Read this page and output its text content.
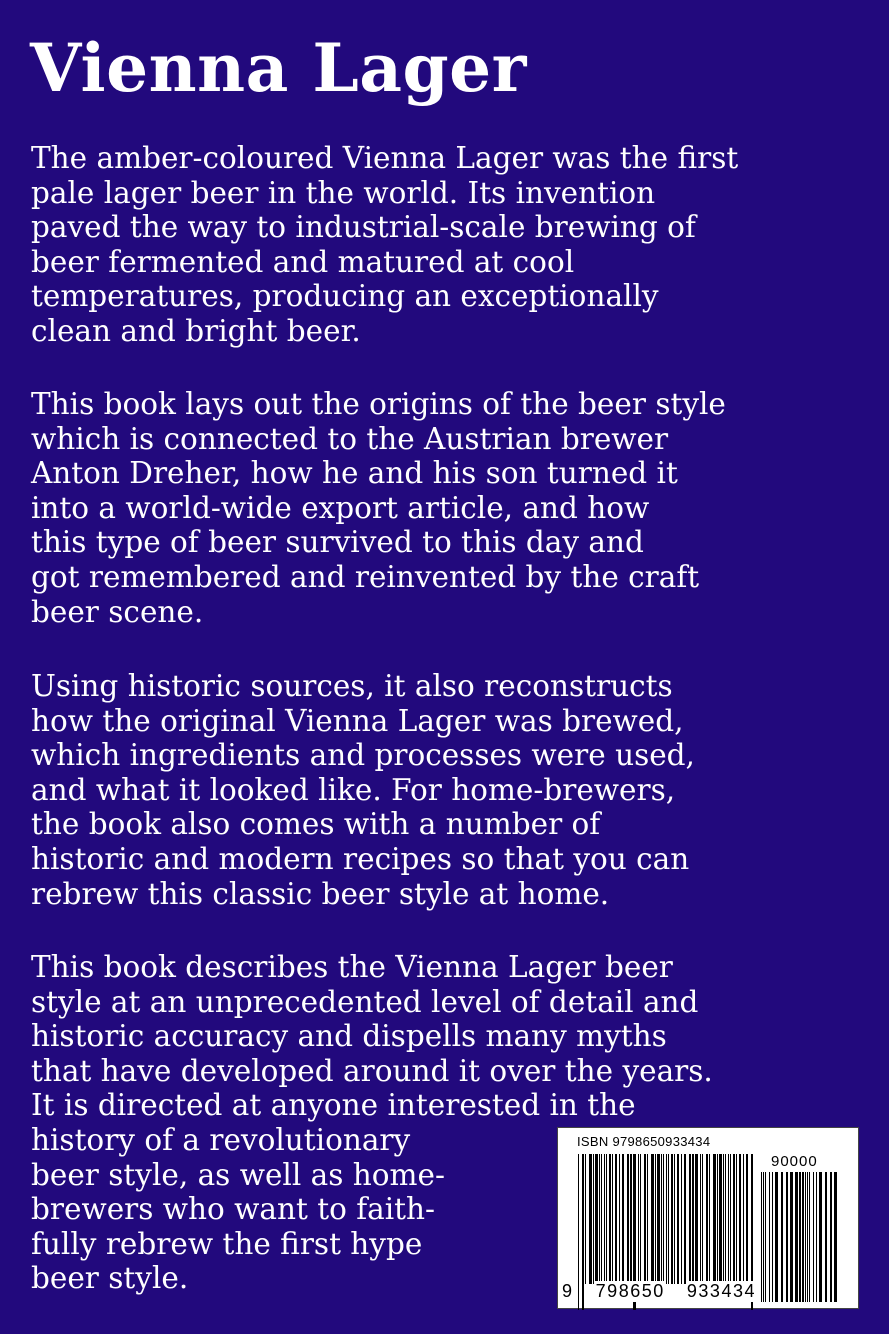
Vienna Lager

The amber-coloured Vienna Lager was the first
pale lager beer in the world. Its invention
paved the way to industrial-scale brewing of
beer fermented and matured at cool
temperatures, producing an exceptionally
clean and bright beer.

This book lays out the origins of the beer style
which is connected to the Austrian brewer
Anton Dreher, how he and his son turned it
into a world-wide export article, and how
this type of beer survived to this day and
got remembered and reinvented by the craft
beer scene.

Using historic sources, it also reconstructs
how the original Vienna Lager was brewed,
which ingredients and processes were used,
and what it looked like. For home-brewers,
the book also comes with a number of
historic and modern recipes so that you can
rebrew this classic beer style at home.

This book describes the Vienna Lager beer
style at an unprecedented level of detail and
historic accuracy and dispells many myths
that have developed around it over the years.
It is directed at anyone interested in the
history of a revolutionary
beer style, as well as home-
brewers who want to faith-
fully rebrew the first hype
beer style.

ISBN 9798650933434
90000
9 798650 933434
